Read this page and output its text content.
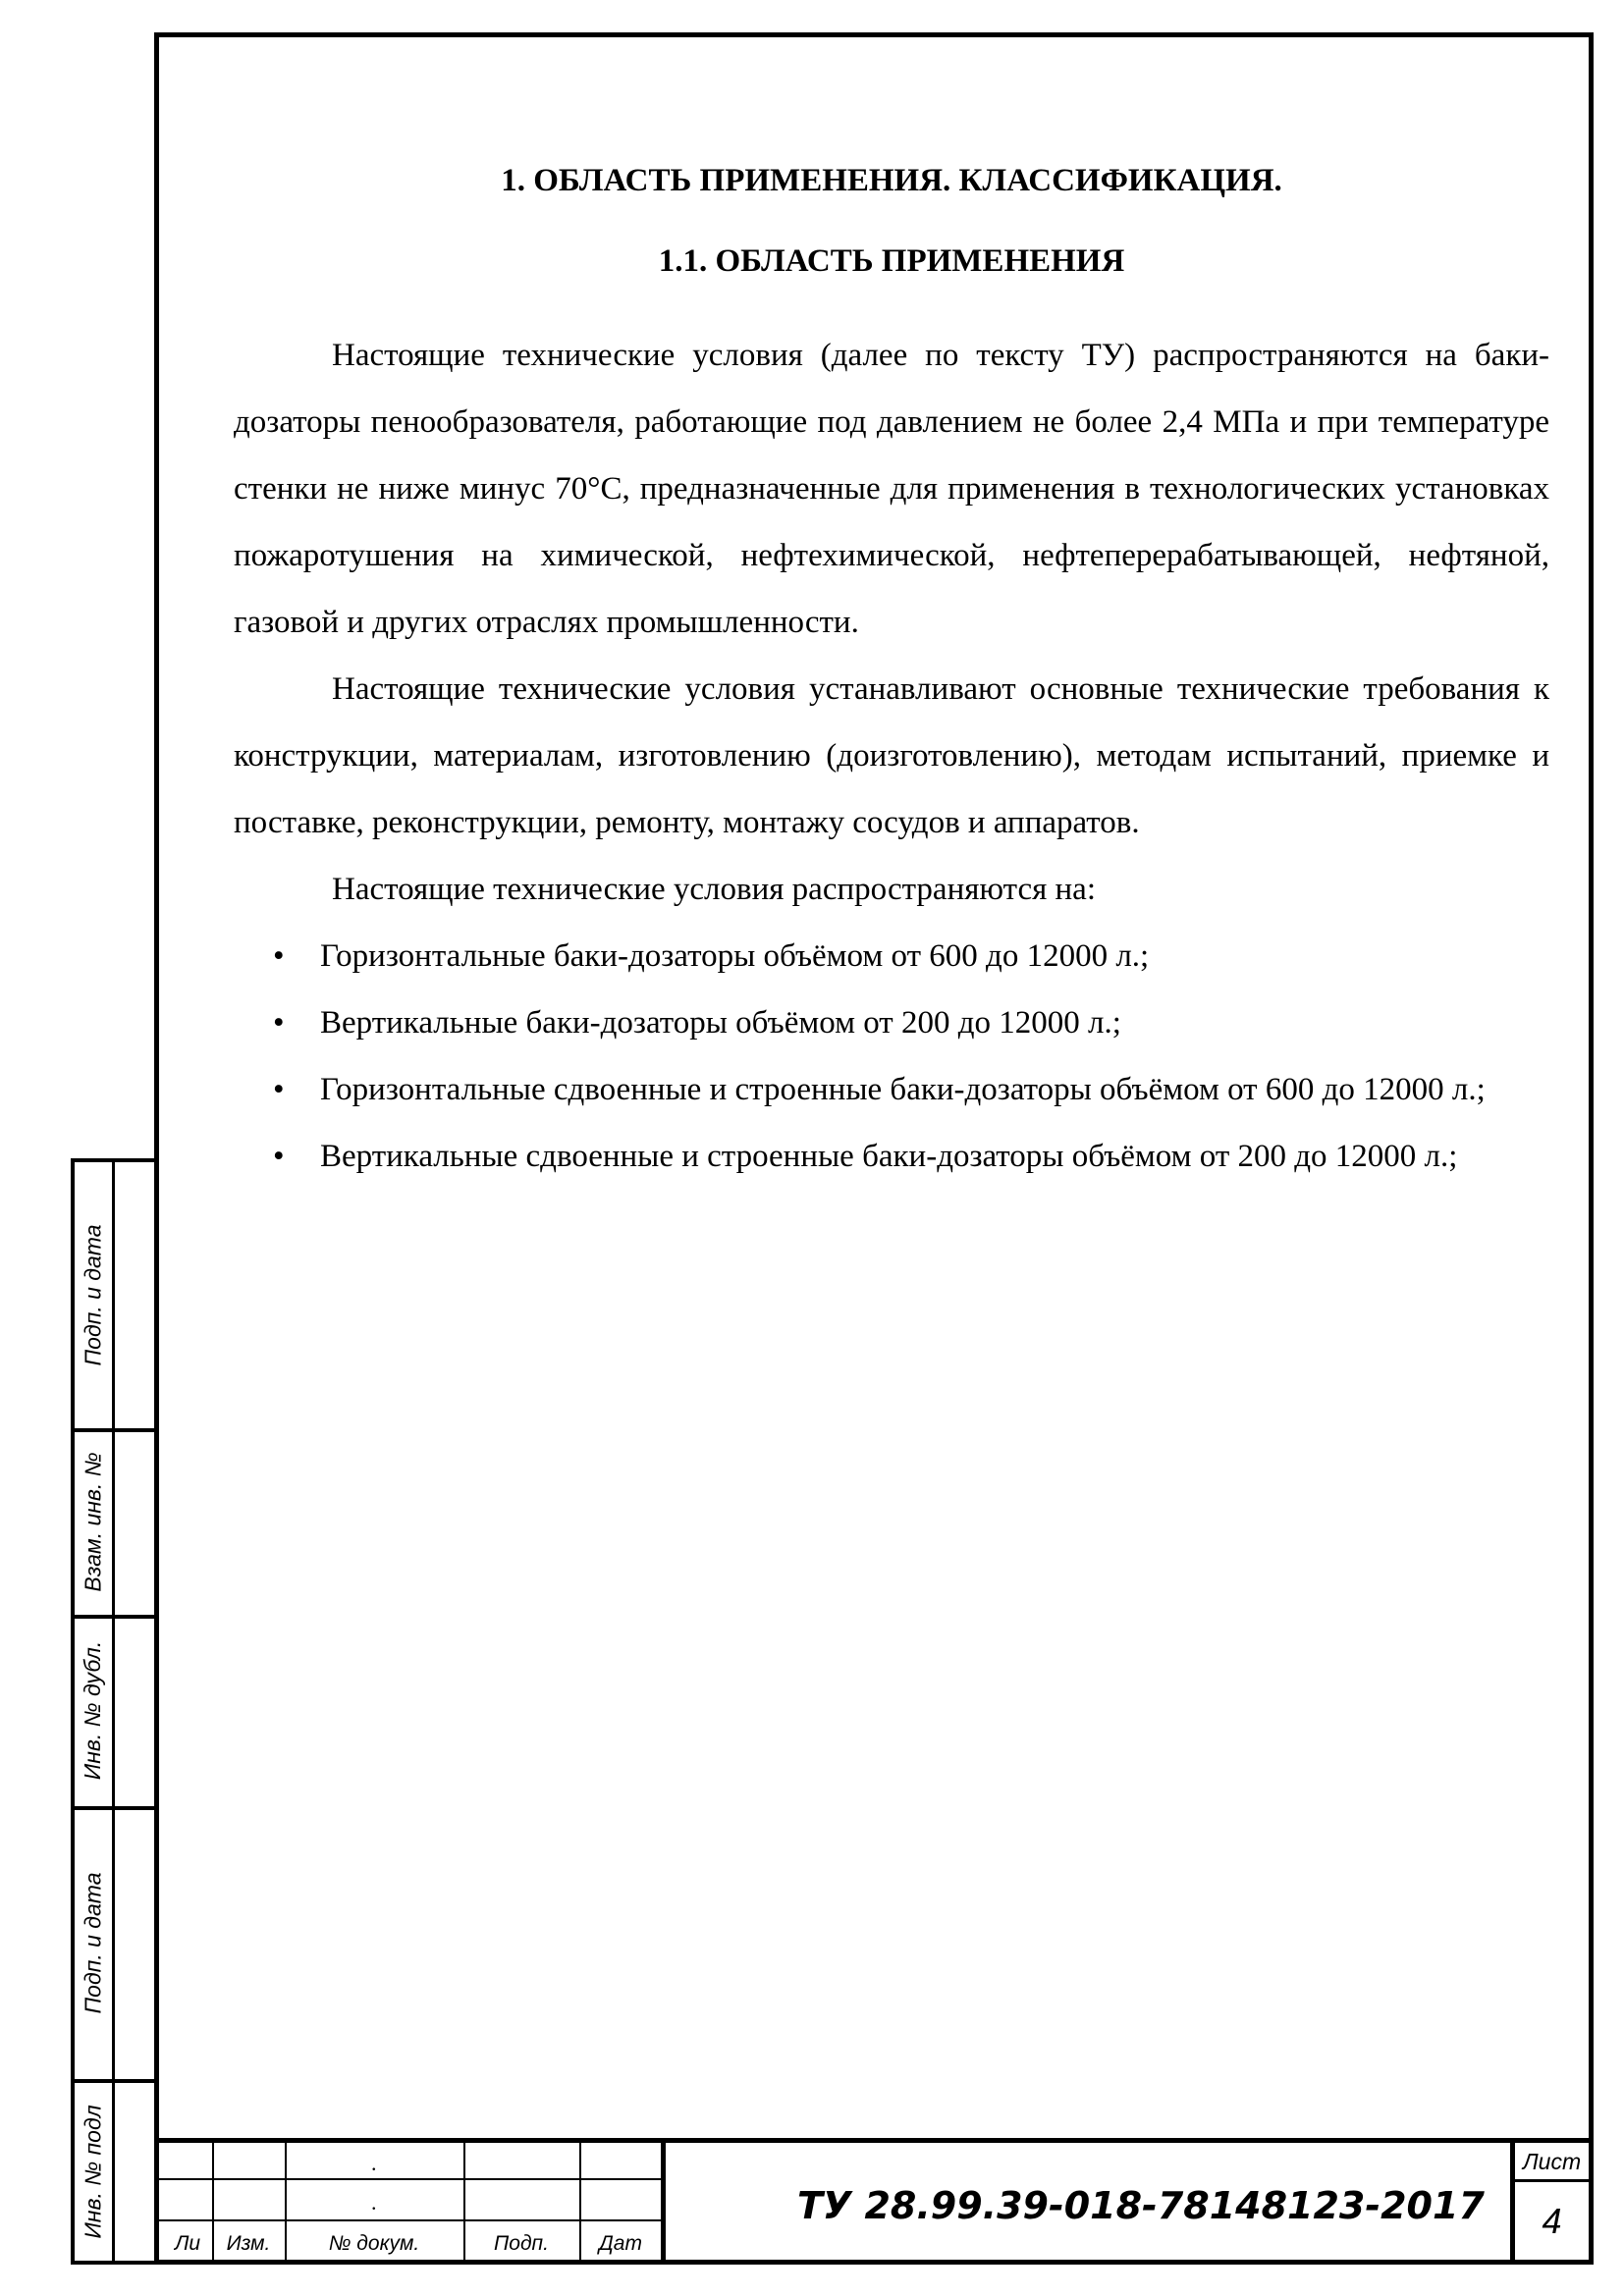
Подп. и дата
Взам. инв. №
Инв. № дубл.
Подп. и дата
Инв. № подл
1. ОБЛАСТЬ ПРИМЕНЕНИЯ. КЛАССИФИКАЦИЯ.
1.1. ОБЛАСТЬ ПРИМЕНЕНИЯ

Настоящие технические условия (далее по тексту ТУ) распространяются на баки-дозаторы пенообразователя, работающие под давлением не более 2,4 МПа и при температуре стенки не ниже минус 70°С, предназначенные для применения в технологических установках пожаротушения на химической, нефтехимической, нефтеперерабатывающей, нефтяной, газовой и других отраслях промышленности.

Настоящие технические условия устанавливают основные технические требования к конструкции, материалам, изготовлению (доизготовлению), методам испытаний, приемке и поставке, реконструкции, ремонту, монтажу сосудов и аппаратов.

Настоящие технические условия распространяются на:

• Горизонтальные баки-дозаторы объёмом от 600 до 12000 л.;
• Вертикальные баки-дозаторы объёмом от 200 до 12000 л.;
• Горизонтальные сдвоенные и строенные баки-дозаторы объёмом от 600 до 12000 л.;
• Вертикальные сдвоенные и строенные баки-дозаторы объёмом от 200 до 12000 л.;
.
.
Ли	Изм.	№ докум.	Подп.	Дат
ТУ 28.99.39-018-78148123-2017
Лист
4
